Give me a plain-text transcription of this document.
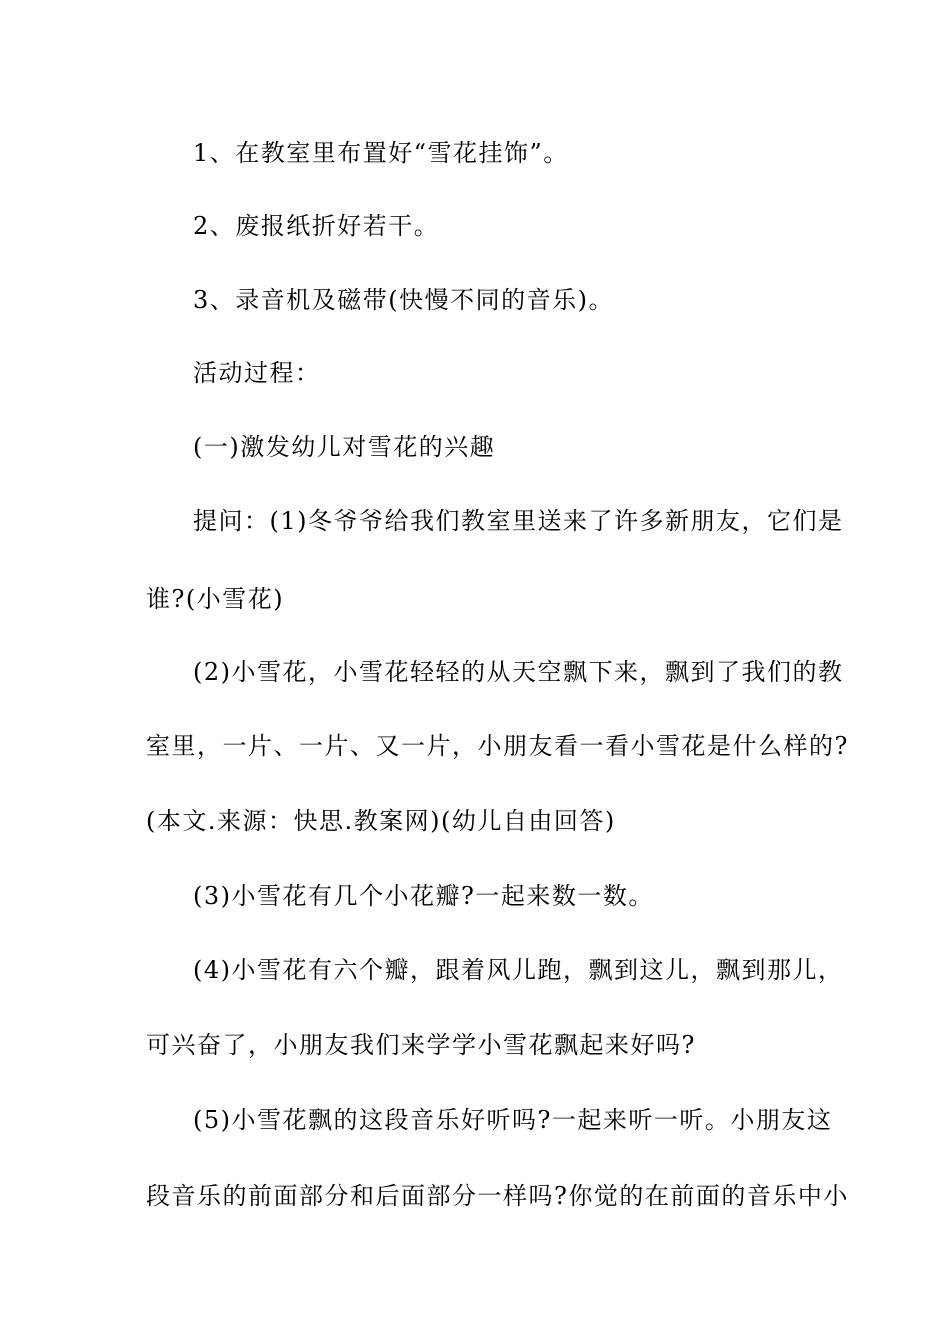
1、在教室里布置好“雪花挂饰”。
2、废报纸折好若干。
3、录音机及磁带(快慢不同的音乐)。
活动过程：
(一)激发幼儿对雪花的兴趣
提问：(1)冬爷爷给我们教室里送来了许多新朋友，它们是
谁?(小雪花)
(2)小雪花，小雪花轻轻的从天空飘下来，飘到了我们的教
室里，一片、一片、又一片，小朋友看一看小雪花是什么样的?
(本文.来源：快思.教案网)(幼儿自由回答)
(3)小雪花有几个小花瓣?一起来数一数。
(4)小雪花有六个瓣，跟着风儿跑，飘到这儿，飘到那儿，
可兴奋了，小朋友我们来学学小雪花飘起来好吗?
(5)小雪花飘的这段音乐好听吗?一起来听一听。小朋友这
段音乐的前面部分和后面部分一样吗?你觉的在前面的音乐中小
